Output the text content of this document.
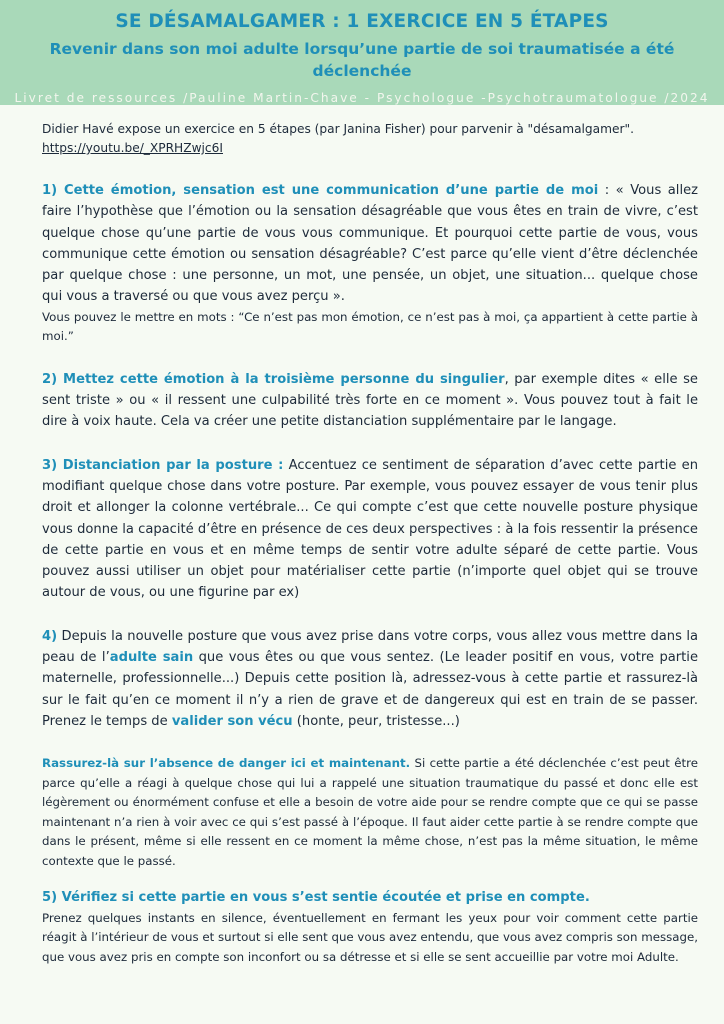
SE DÉSAMALGAMER : 1 EXERCICE EN 5 ÉTAPES
Revenir dans son moi adulte lorsqu’une partie de soi traumatisée a été déclenchée
Livret de ressources /Pauline Martin-Chave - Psychologue -Psychotraumatologue /2024

Didier Havé expose un exercice en 5 étapes (par Janina Fisher) pour parvenir à "désamalgamer".
https://youtu.be/_XPRHZwjc6I

1) Cette émotion, sensation est une communication d’une partie de moi : « Vous allez faire l’hypothèse que l’émotion ou la sensation désagréable que vous êtes en train de vivre, c’est quelque chose qu’une partie de vous vous communique. Et pourquoi cette partie de vous, vous communique cette émotion ou sensation désagréable? C’est parce qu’elle vient d’être déclenchée par quelque chose : une personne, un mot, une pensée, un objet, une situation... quelque chose qui vous a traversé ou que vous avez perçu ».

Vous pouvez le mettre en mots : “Ce n’est pas mon émotion, ce n’est pas à moi, ça appartient à cette partie à moi.”

2) Mettez cette émotion à la troisième personne du singulier, par exemple dites « elle se sent triste » ou « il ressent une culpabilité très forte en ce moment ». Vous pouvez tout à fait le dire à voix haute. Cela va créer une petite distanciation supplémentaire par le langage.

3) Distanciation par la posture : Accentuez ce sentiment de séparation d’avec cette partie en modifiant quelque chose dans votre posture. Par exemple, vous pouvez essayer de vous tenir plus droit et allonger la colonne vertébrale... Ce qui compte c’est que cette nouvelle posture physique vous donne la capacité d’être en présence de ces deux perspectives : à la fois ressentir la présence de cette partie en vous et en même temps de sentir votre adulte séparé de cette partie. Vous pouvez aussi utiliser un objet pour matérialiser cette partie (n’importe quel objet qui se trouve autour de vous, ou une figurine par ex)

4) Depuis la nouvelle posture que vous avez prise dans votre corps, vous allez vous mettre dans la peau de l’adulte sain que vous êtes ou que vous sentez. (Le leader positif en vous, votre partie maternelle, professionnelle...) Depuis cette position là, adressez-vous à cette partie et rassurez-là sur le fait qu’en ce moment il n’y a rien de grave et de dangereux qui est en train de se passer. Prenez le temps de valider son vécu (honte, peur, tristesse...)

Rassurez-là sur l’absence de danger ici et maintenant. Si cette partie a été déclenchée c’est peut être parce qu’elle a réagi à quelque chose qui lui a rappelé une situation traumatique du passé et donc elle est légèrement ou énormément confuse et elle a besoin de votre aide pour se rendre compte que ce qui se passe maintenant n’a rien à voir avec ce qui s’est passé à l’époque. Il faut aider cette partie à se rendre compte que dans le présent, même si elle ressent en ce moment la même chose, n’est pas la même situation, le même contexte que le passé.

5) Vérifiez si cette partie en vous s’est sentie écoutée et prise en compte.

Prenez quelques instants en silence, éventuellement en fermant les yeux pour voir comment cette partie réagit à l’intérieur de vous et surtout si elle sent que vous avez entendu, que vous avez compris son message, que vous avez pris en compte son inconfort ou sa détresse et si elle se sent accueillie par votre moi Adulte.
